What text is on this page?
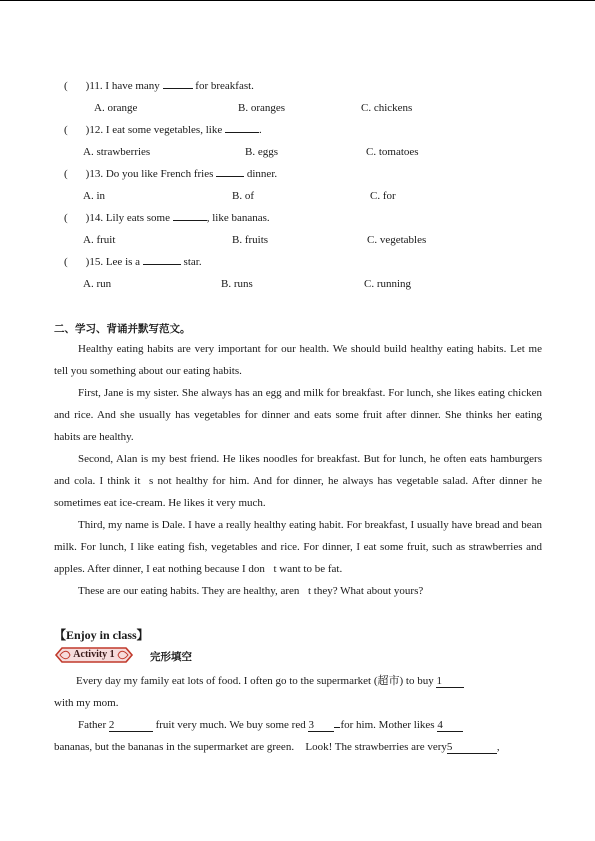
( )11. I have many	for breakfast.
A. orange	B. oranges	C. chickens
( )12. I eat some vegetables, like	.
A. strawberries	B. eggs	C. tomatoes
( )13. Do you like French fries	dinner.
A. in	B. of	C. for
( )14. Lily eats some	, like bananas.
A. fruit	B. fruits	C. vegetables
( )15. Lee is a	star.
A. run	B. runs	C. running
二、学习、背诵并默写范文。
Healthy eating habits are very important for our health. We should build healthy eating habits. Let me tell you something about our eating habits.
First, Jane is my sister. She always has an egg and milk for breakfast. For lunch, she likes eating chicken and rice. And she usually has vegetables for dinner and eats some fruit after dinner. She thinks her eating habits are healthy.
Second, Alan is my best friend. He likes noodles for breakfast. But for lunch, he often eats hamburgers and cola. I think it s not healthy for him. And for dinner, he always has vegetable salad. After dinner he sometimes eat ice-cream. He likes it very much.
Third, my name is Dale. I have a really healthy eating habit. For breakfast, I usually have bread and bean milk. For lunch, I like eating fish, vegetables and rice. For dinner, I eat some fruit, such as strawberries and apples. After dinner, I eat nothing because I don t want to be fat.
These are our eating habits. They are healthy, aren t they? What about yours?
【Enjoy in class】
Activity 1	完形填空
Every day my family eat lots of food. I often go to the supermarket (超市) to buy 1
with my mom.
Father 2	fruit very much. We buy some red 3 for him. Mother likes 4
bananas, but the bananas in the supermarket are green.  Look! The strawberries are very5	,
